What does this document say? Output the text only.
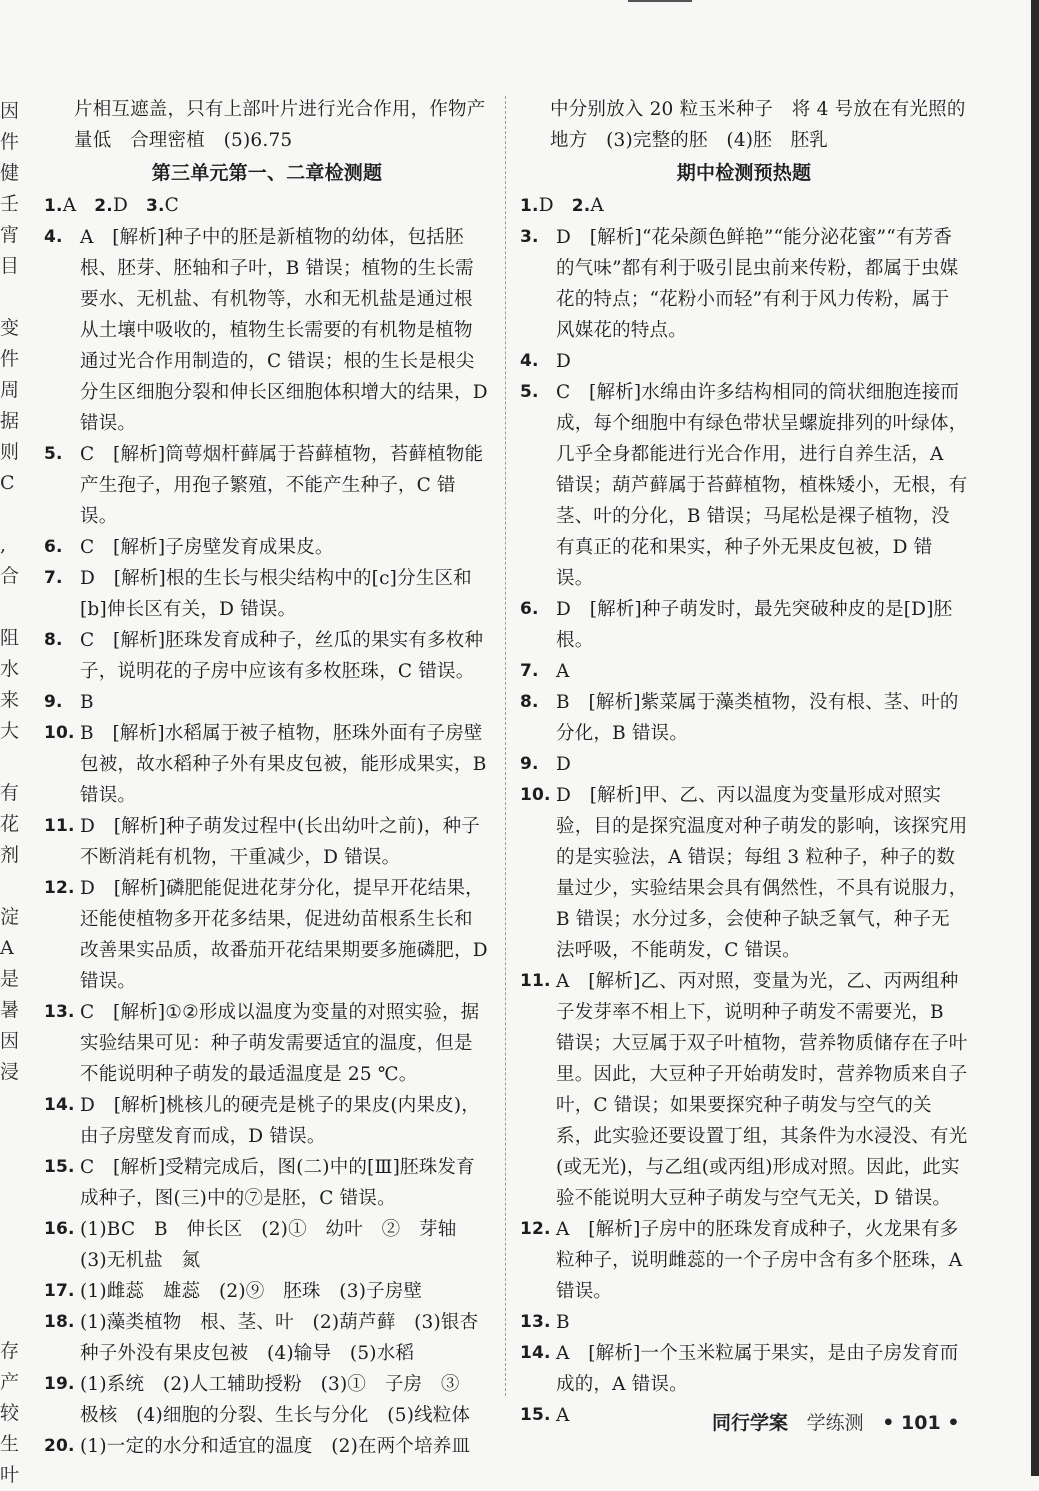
因
件
健
壬
宵
目
变
件
周
据
则
C
,
合
阻
水
来
大
有
花
剂
淀
A
是
暑
因
浸
存
产
较
生
叶

片相互遮盖，只有上部叶片进行光合作用，作物产量低　合理密植　(5)6.75

第三单元第一、二章检测题

1.A 2.D 3.C

4. A　[解析]种子中的胚是新植物的幼体，包括胚根、胚芽、胚轴和子叶，B 错误；植物的生长需要水、无机盐、有机物等，水和无机盐是通过根从土壤中吸收的，植物生长需要的有机物是植物通过光合作用制造的，C 错误；根的生长是根尖分生区细胞分裂和伸长区细胞体积增大的结果，D 错误。

5. C　[解析]筒萼烟杆藓属于苔藓植物，苔藓植物能产生孢子，用孢子繁殖，不能产生种子，C 错误。

6. C　[解析]子房壁发育成果皮。

7. D　[解析]根的生长与根尖结构中的[c]分生区和[b]伸长区有关，D 错误。

8. C　[解析]胚珠发育成种子，丝瓜的果实有多枚种子，说明花的子房中应该有多枚胚珠，C 错误。

9. B

10. B　[解析]水稻属于被子植物，胚珠外面有子房壁包被，故水稻种子外有果皮包被，能形成果实，B 错误。

11. D　[解析]种子萌发过程中(长出幼叶之前)，种子不断消耗有机物，干重减少，D 错误。

12. D　[解析]磷肥能促进花芽分化，提早开花结果，还能使植物多开花多结果，促进幼苗根系生长和改善果实品质，故番茄开花结果期要多施磷肥，D 错误。

13. C　[解析]①②形成以温度为变量的对照实验，据实验结果可见：种子萌发需要适宜的温度，但是不能说明种子萌发的最适温度是 25 ℃。

14. D　[解析]桃核儿的硬壳是桃子的果皮(内果皮)，由子房壁发育而成，D 错误。

15. C　[解析]受精完成后，图(二)中的[Ⅲ]胚珠发育成种子，图(三)中的⑦是胚，C 错误。

16. (1)BC　B　伸长区　(2)①　幼叶　②　芽轴　(3)无机盐　氮

17. (1)雌蕊　雄蕊　(2)⑨　胚珠　(3)子房壁

18. (1)藻类植物　根、茎、叶　(2)葫芦藓　(3)银杏种子外没有果皮包被　(4)输导　(5)水稻

19. (1)系统　(2)人工辅助授粉　(3)①　子房　③　极核　(4)细胞的分裂、生长与分化　(5)线粒体

20. (1)一定的水分和适宜的温度　(2)在两个培养皿

中分别放入 20 粒玉米种子　将 4 号放在有光照的地方　(3)完整的胚　(4)胚　胚乳

期中检测预热题

1.D 2.A

3. D　[解析]“花朵颜色鲜艳”“能分泌花蜜”“有芳香的气味”都有利于吸引昆虫前来传粉，都属于虫媒花的特点；“花粉小而轻”有利于风力传粉，属于风媒花的特点。

4. D

5. C　[解析]水绵由许多结构相同的筒状细胞连接而成，每个细胞中有绿色带状呈螺旋排列的叶绿体，几乎全身都能进行光合作用，进行自养生活，A 错误；葫芦藓属于苔藓植物，植株矮小，无根，有茎、叶的分化，B 错误；马尾松是裸子植物，没有真正的花和果实，种子外无果皮包被，D 错误。

6. D　[解析]种子萌发时，最先突破种皮的是[D]胚根。

7. A

8. B　[解析]紫菜属于藻类植物，没有根、茎、叶的分化，B 错误。

9. D

10. D　[解析]甲、乙、丙以温度为变量形成对照实验，目的是探究温度对种子萌发的影响，该探究用的是实验法，A 错误；每组 3 粒种子，种子的数量过少，实验结果会具有偶然性，不具有说服力，B 错误；水分过多，会使种子缺乏氧气，种子无法呼吸，不能萌发，C 错误。

11. A　[解析]乙、丙对照，变量为光，乙、丙两组种子发芽率不相上下，说明种子萌发不需要光，B 错误；大豆属于双子叶植物，营养物质储存在子叶里。因此，大豆种子开始萌发时，营养物质来自子叶，C 错误；如果要探究种子萌发与空气的关系，此实验还要设置丁组，其条件为水浸没、有光(或无光)，与乙组(或丙组)形成对照。因此，此实验不能说明大豆种子萌发与空气无关，D 错误。

12. A　[解析]子房中的胚珠发育成种子，火龙果有多粒种子，说明雌蕊的一个子房中含有多个胚珠，A 错误。

13. B

14. A　[解析]一个玉米粒属于果实，是由子房发育而成的，A 错误。

15. A	同行学案 学练测 • 101 •
